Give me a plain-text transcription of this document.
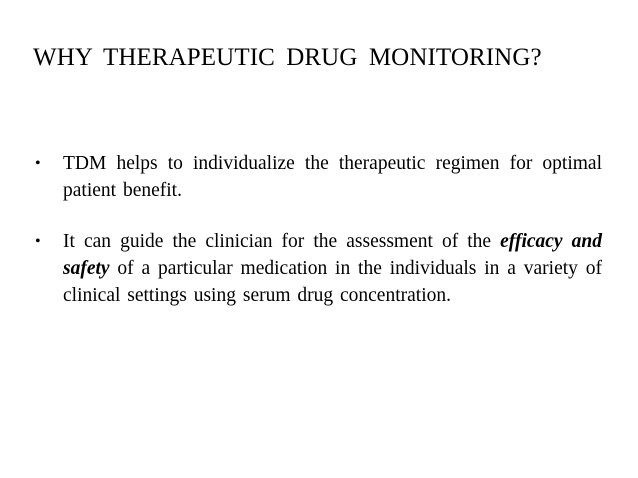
WHY THERAPEUTIC DRUG MONITORING?
• TDM helps to individualize the therapeutic regimen for optimal patient benefit.
• It can guide the clinician for the assessment of the efficacy and safety of a particular medication in the individuals in a variety of clinical settings using serum drug concentration.
